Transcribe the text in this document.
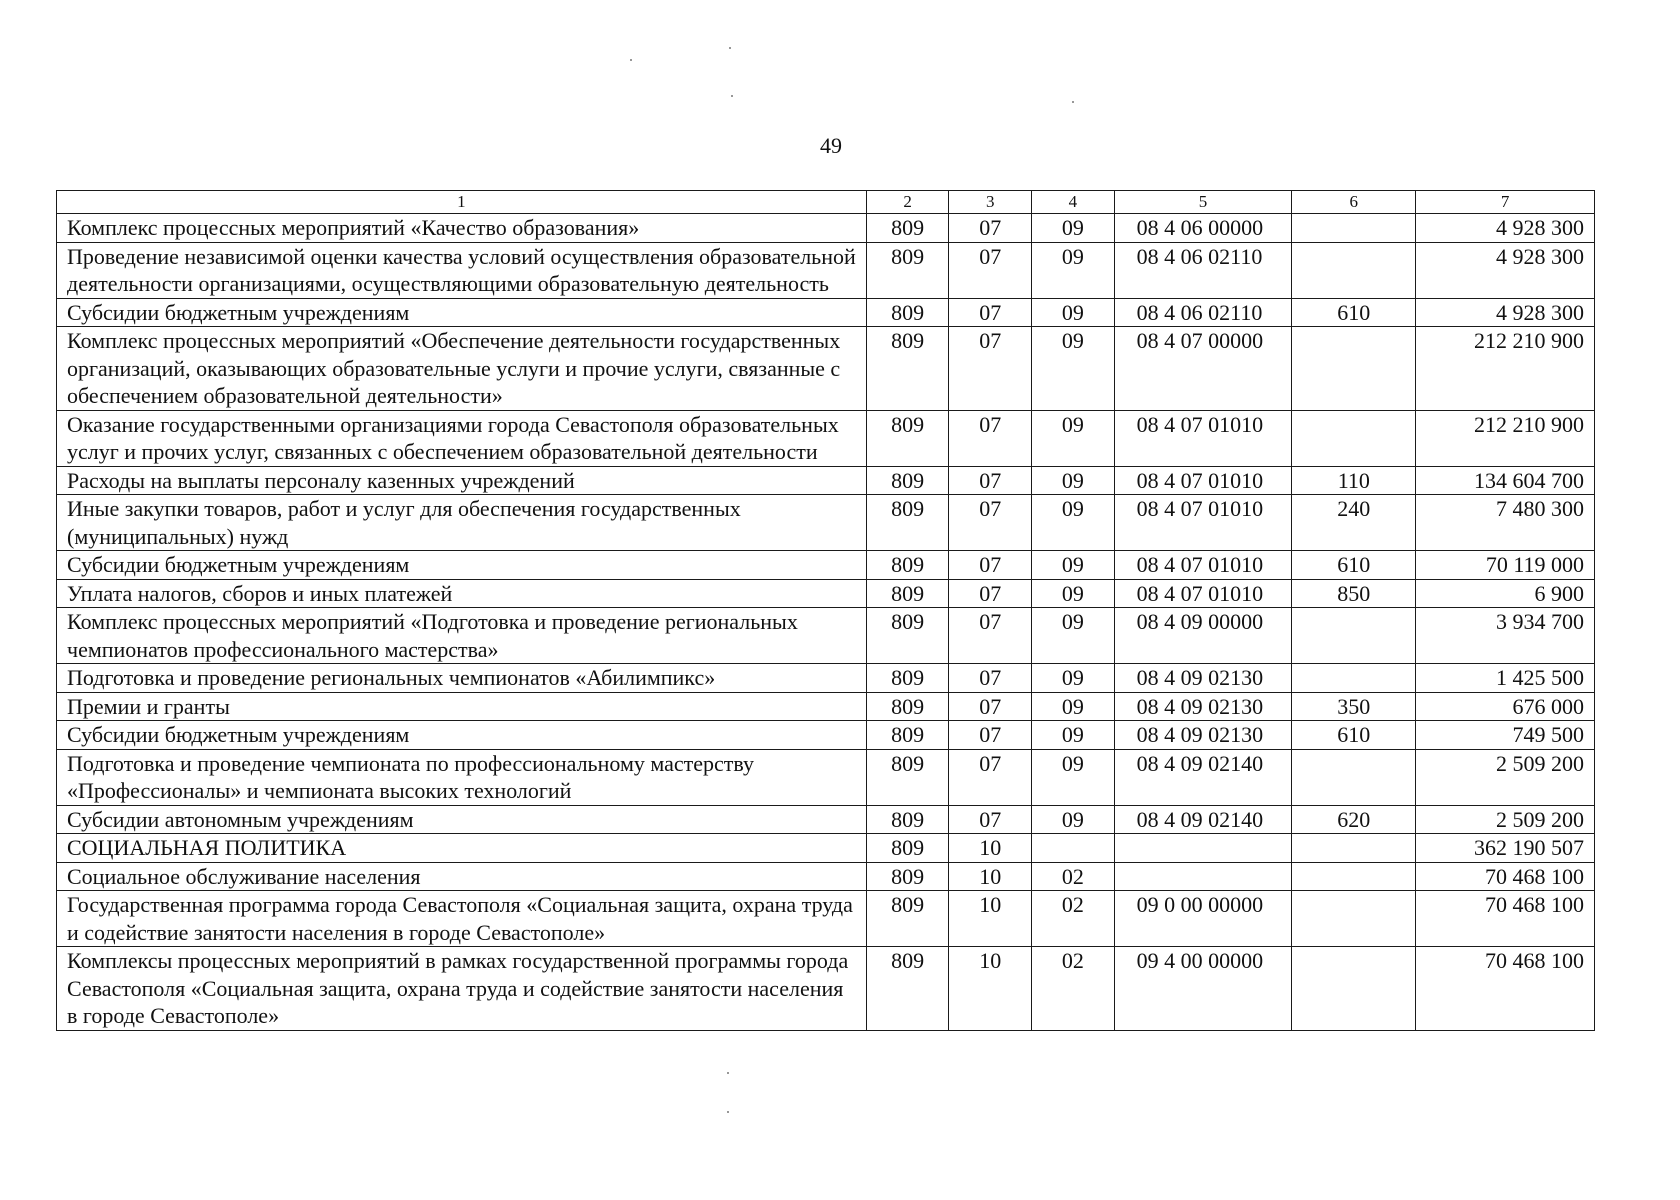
49
1	2	3	4	5	6	7
Комплекс процессных мероприятий «Качество образования»	809	07	09	08 4 06 00000		4 928 300
Проведение независимой оценки качества условий осуществления образовательной деятельности организациями, осуществляющими образовательную деятельность	809	07	09	08 4 06 02110		4 928 300
Субсидии бюджетным учреждениям	809	07	09	08 4 06 02110	610	4 928 300
Комплекс процессных мероприятий «Обеспечение деятельности государственных организаций, оказывающих образовательные услуги и прочие услуги, связанные с обеспечением образовательной деятельности»	809	07	09	08 4 07 00000		212 210 900
Оказание государственными организациями города Севастополя образовательных услуг и прочих услуг, связанных с обеспечением образовательной деятельности	809	07	09	08 4 07 01010		212 210 900
Расходы на выплаты персоналу казенных учреждений	809	07	09	08 4 07 01010	110	134 604 700
Иные закупки товаров, работ и услуг для обеспечения государственных (муниципальных) нужд	809	07	09	08 4 07 01010	240	7 480 300
Субсидии бюджетным учреждениям	809	07	09	08 4 07 01010	610	70 119 000
Уплата налогов, сборов и иных платежей	809	07	09	08 4 07 01010	850	6 900
Комплекс процессных мероприятий «Подготовка и проведение региональных чемпионатов профессионального мастерства»	809	07	09	08 4 09 00000		3 934 700
Подготовка и проведение региональных чемпионатов «Абилимпикс»	809	07	09	08 4 09 02130		1 425 500
Премии и гранты	809	07	09	08 4 09 02130	350	676 000
Субсидии бюджетным учреждениям	809	07	09	08 4 09 02130	610	749 500
Подготовка и проведение чемпионата по профессиональному мастерству «Профессионалы» и чемпионата высоких технологий	809	07	09	08 4 09 02140		2 509 200
Субсидии автономным учреждениям	809	07	09	08 4 09 02140	620	2 509 200
СОЦИАЛЬНАЯ ПОЛИТИКА	809	10				362 190 507
Социальное обслуживание населения	809	10	02			70 468 100
Государственная программа города Севастополя «Социальная защита, охрана труда и содействие занятости населения в городе Севастополе»	809	10	02	09 0 00 00000		70 468 100
Комплексы процессных мероприятий в рамках государственной программы города Севастополя «Социальная защита, охрана труда и содействие занятости населения в городе Севастополе»	809	10	02	09 4 00 00000		70 468 100
